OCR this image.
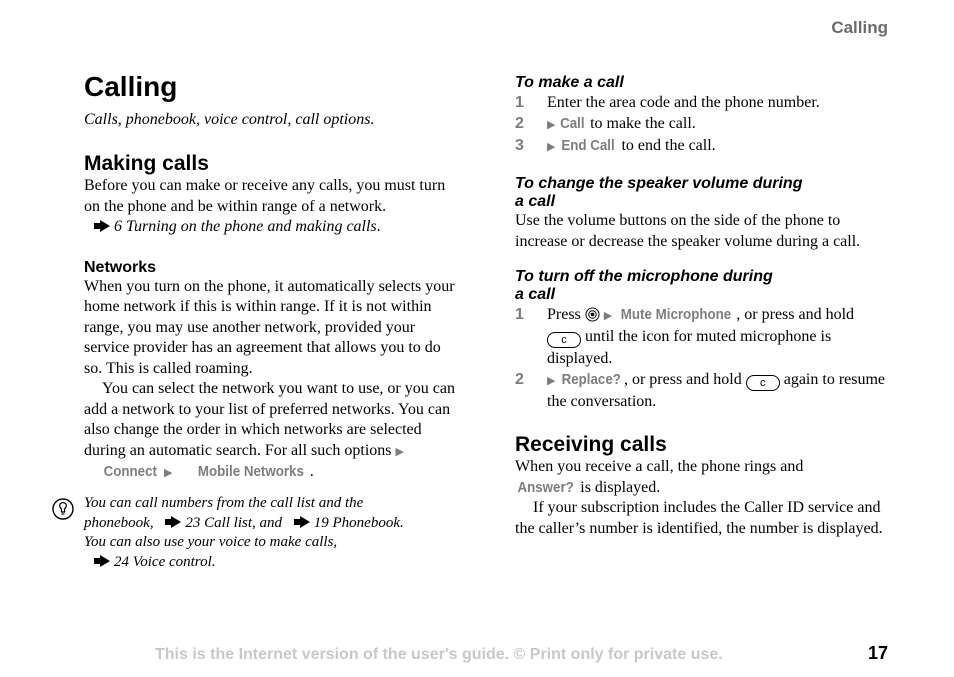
Calling
Calling

Calls, phonebook, voice control, call options.

Making calls

Before you can make or receive any calls, you must turn on the phone and be within range of a network.
6 Turning on the phone and making calls.

Networks

When you turn on the phone, it automatically selects your home network if this is within range. If it is not within range, you may use another network, provided your service provider has an agreement that allows you to do so. This is called roaming.

You can select the network you want to use, or you can add a network to your list of preferred networks. You can also change the order in which networks are selected during an automatic search. For all such options ▶Connect ▶ Mobile Networks .

You can call numbers from the call list and the phonebook, 23 Call list, and 19 Phonebook.
You can also use your voice to make calls,
24 Voice control.
To make a call
1	Enter the area code and the phone number.
2	▶ Call to make the call.
3	▶ End Call to end the call.
To change the speaker volume during
a call

Use the volume buttons on the side of the phone to increase or decrease the speaker volume during a call.

To turn off the microphone during
a call
1	Press ▶ Mute Microphone , or press and hold
c until the icon for muted microphone is displayed.
2	▶ Replace? , or press and hold c again to resume the conversation.
Receiving calls

When you receive a call, the phone rings and
Answer? is displayed.

If your subscription includes the Caller ID service and the caller’s number is identified, the number is displayed.

This is the Internet version of the user's guide. © Print only for private use.	17
